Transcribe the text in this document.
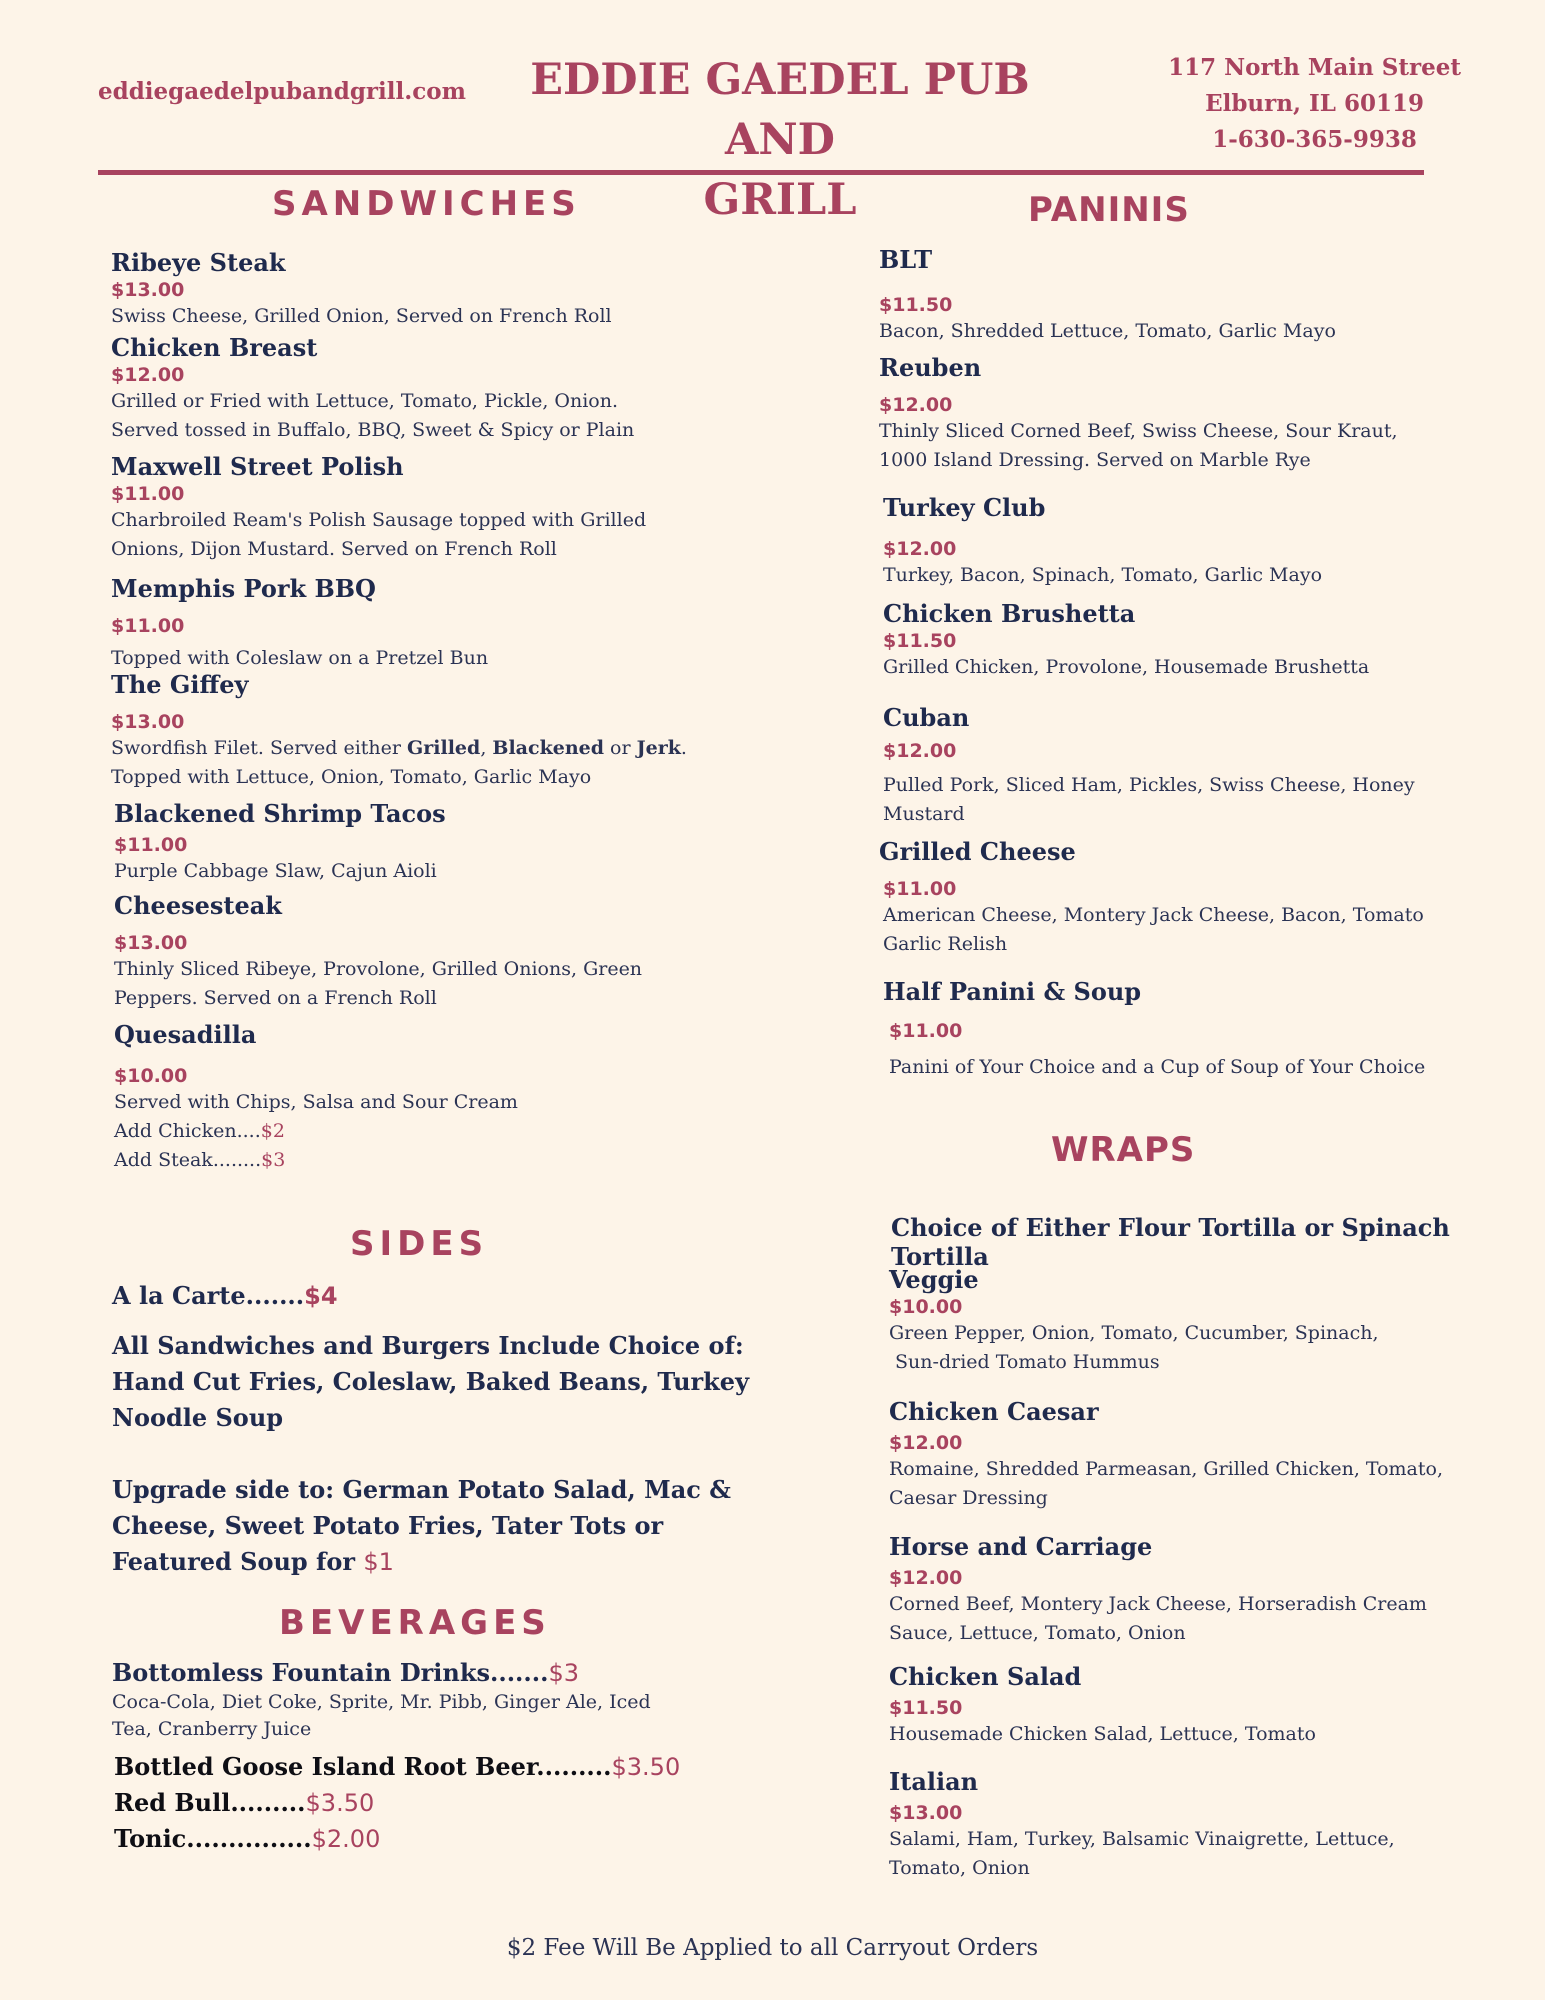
eddiegaedelpubandgrill.com	EDDIE GAEDEL PUB AND
GRILL
117 North Main Street
Elburn, IL 60119
1-630-365-9938
SANDWICHES
Ribeye Steak
$13.00
Swiss Cheese, Grilled Onion, Served on French Roll
Chicken Breast
$12.00
Grilled or Fried with Lettuce, Tomato, Pickle, Onion.
Served tossed in Buffalo, BBQ, Sweet & Spicy or Plain
Maxwell Street Polish
$11.00
Charbroiled Ream's Polish Sausage topped with Grilled
Onions, Dijon Mustard. Served on French Roll
Memphis Pork BBQ
$11.00
Topped with Coleslaw on a Pretzel Bun
The Giffey
$13.00
Swordfish Filet. Served either Grilled, Blackened or Jerk.
Topped with Lettuce, Onion, Tomato, Garlic Mayo
Blackened Shrimp Tacos
$11.00
Purple Cabbage Slaw, Cajun Aioli
Cheesesteak
$13.00
Thinly Sliced Ribeye, Provolone, Grilled Onions, Green
Peppers. Served on a French Roll
Quesadilla
$10.00
Served with Chips, Salsa and Sour Cream
Add Chicken....$2
Add Steak........$3
SIDES
A la Carte.......$4
All Sandwiches and Burgers Include Choice of:
Hand Cut Fries, Coleslaw, Baked Beans, Turkey
Noodle Soup
Upgrade side to: German Potato Salad, Mac &
Cheese, Sweet Potato Fries, Tater Tots or
Featured Soup for $1
BEVERAGES
Bottomless Fountain Drinks.......$3
Coca-Cola, Diet Coke, Sprite, Mr. Pibb, Ginger Ale, Iced
Tea, Cranberry Juice
Bottled Goose Island Root Beer.........$3.50
Red Bull.........$3.50
Tonic...............$2.00
PANINIS
BLT
$11.50
Bacon, Shredded Lettuce, Tomato, Garlic Mayo
Reuben
$12.00
Thinly Sliced Corned Beef, Swiss Cheese, Sour Kraut,
1000 Island Dressing. Served on Marble Rye
Turkey Club
$12.00
Turkey, Bacon, Spinach, Tomato, Garlic Mayo
Chicken Brushetta
$11.50
Grilled Chicken, Provolone, Housemade Brushetta
Cuban
$12.00
Pulled Pork, Sliced Ham, Pickles, Swiss Cheese, Honey
Mustard
Grilled Cheese
$11.00
American Cheese, Montery Jack Cheese, Bacon, Tomato
Garlic Relish
Half Panini & Soup
$11.00
Panini of Your Choice and a Cup of Soup of Your Choice
WRAPS
Choice of Either Flour Tortilla or Spinach Tortilla
Veggie
$10.00
Green Pepper, Onion, Tomato, Cucumber, Spinach,
Sun-dried Tomato Hummus
Chicken Caesar
$12.00
Romaine, Shredded Parmeasan, Grilled Chicken, Tomato,
Caesar Dressing
Horse and Carriage
$12.00
Corned Beef, Montery Jack Cheese, Horseradish Cream
Sauce, Lettuce, Tomato, Onion
Chicken Salad
$11.50
Housemade Chicken Salad, Lettuce, Tomato
Italian
$13.00
Salami, Ham, Turkey, Balsamic Vinaigrette, Lettuce,
Tomato, Onion
$2 Fee Will Be Applied to all Carryout Orders
